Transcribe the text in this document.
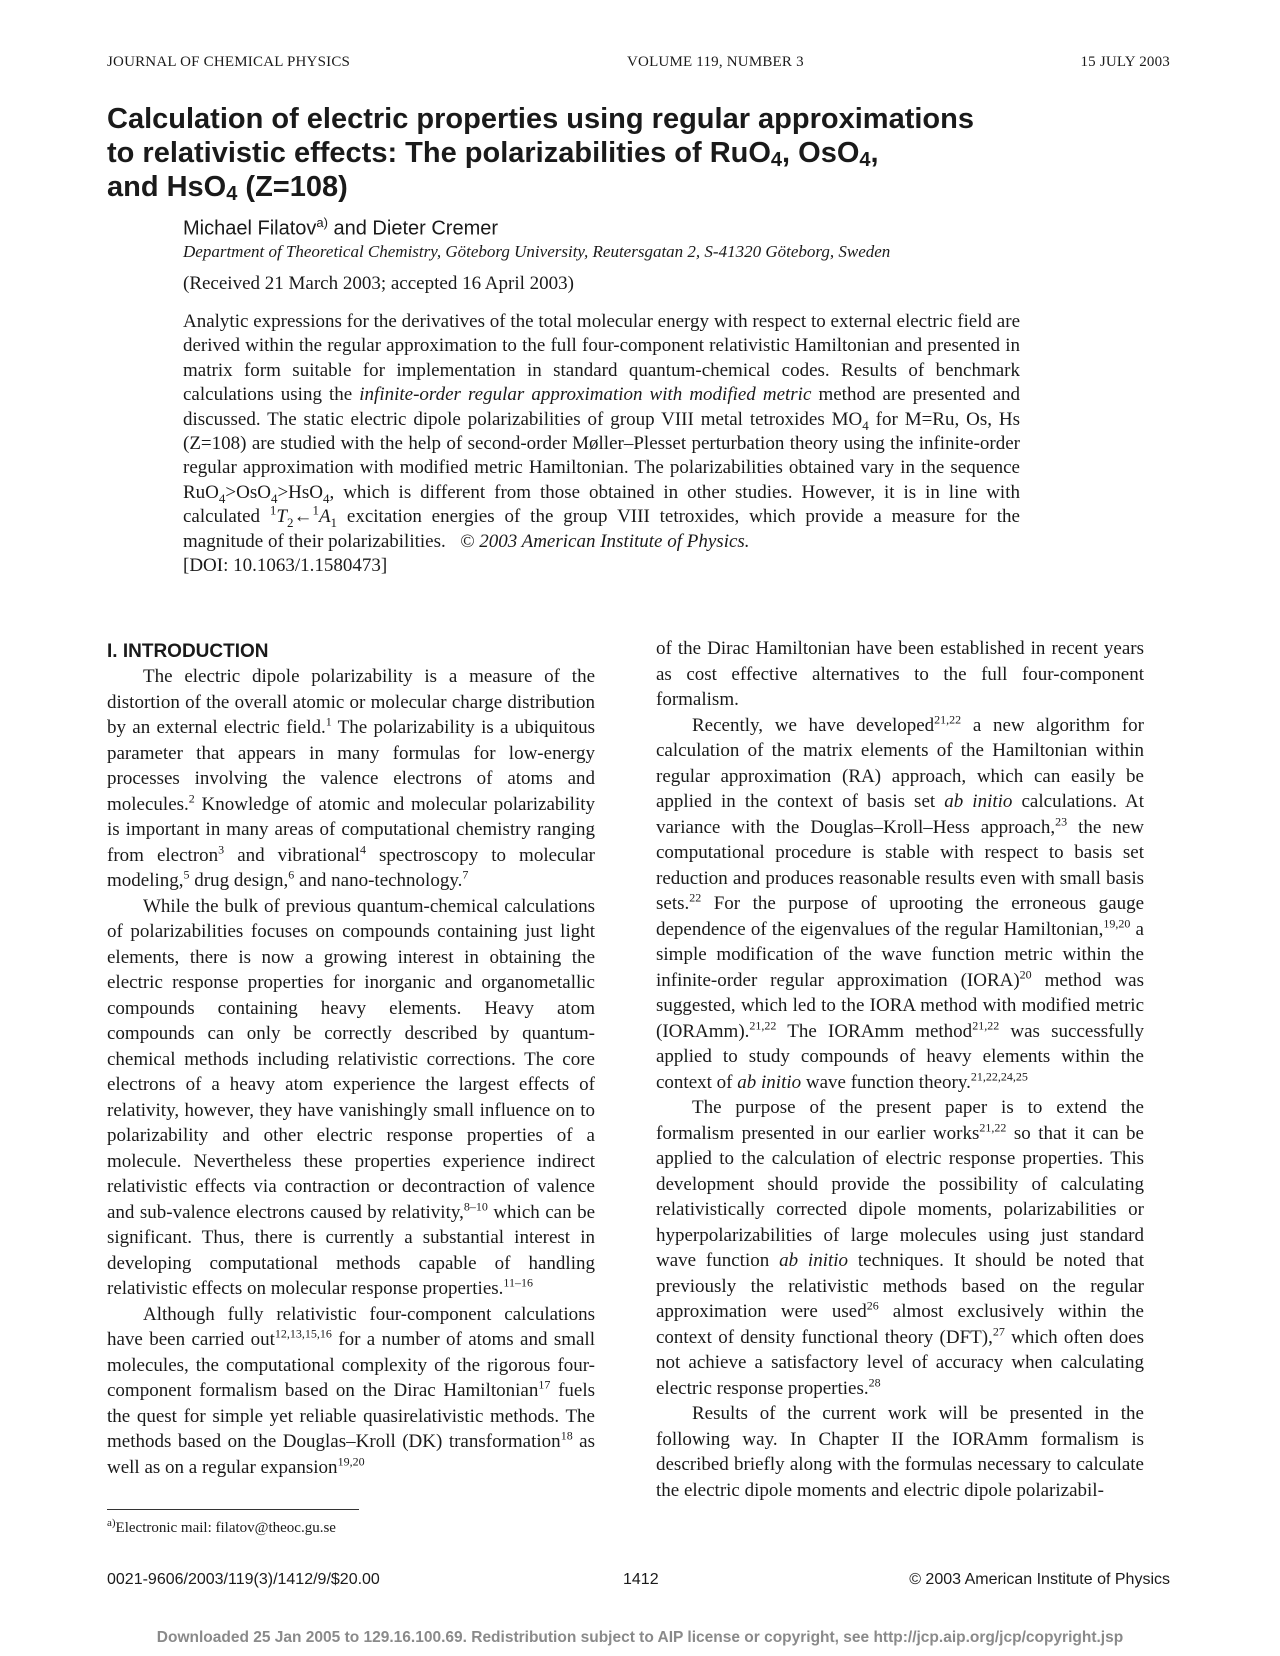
JOURNAL OF CHEMICAL PHYSICS	VOLUME 119, NUMBER 3	15 JULY 2003
Calculation of electric properties using regular approximations
to relativistic effects: The polarizabilities of RuO$_4$, OsO$_4$,
and HsO$_4$ (Z=108)
Michael Filatov$^{a)}$ and Dieter Cremer
Department of Theoretical Chemistry, Göteborg University, Reutersgatan 2, S-41320 Göteborg, Sweden
(Received 21 March 2003; accepted 16 April 2003)

Analytic expressions for the derivatives of the total molecular energy with respect to external electric field are derived within the regular approximation to the full four-component relativistic Hamiltonian and presented in matrix form suitable for implementation in standard quantum-chemical codes. Results of benchmark calculations using the infinite-order regular approximation with modified metric method are presented and discussed. The static electric dipole polarizabilities of group VIII metal tetroxides $MO_4$ for M=Ru, Os, Hs (Z=108) are studied with the help of second-order Møller–Plesset perturbation theory using the infinite-order regular approximation with modified metric Hamiltonian. The polarizabilities obtained vary in the sequence RuO$_4$>OsO$_4$>HsO$_4$, which is different from those obtained in other studies. However, it is in line with calculated $^1T_2\leftarrow^1A_1$ excitation energies of the group VIII tetroxides, which provide a measure for the magnitude of their polarizabilities. © 2003 American Institute of Physics.
[DOI: 10.1063/1.1580473]

I. INTRODUCTION

The electric dipole polarizability is a measure of the distortion of the overall atomic or molecular charge distribution by an external electric field.$^1$ The polarizability is a ubiquitous parameter that appears in many formulas for low-energy processes involving the valence electrons of atoms and molecules.$^2$ Knowledge of atomic and molecular polarizability is important in many areas of computational chemistry ranging from electron$^3$ and vibrational$^4$ spectroscopy to molecular modeling,$^5$ drug design,$^6$ and nano-technology.$^7$

While the bulk of previous quantum-chemical calculations of polarizabilities focuses on compounds containing just light elements, there is now a growing interest in obtaining the electric response properties for inorganic and organometallic compounds containing heavy elements. Heavy atom compounds can only be correctly described by quantum-chemical methods including relativistic corrections. The core electrons of a heavy atom experience the largest effects of relativity, however, they have vanishingly small influence on to polarizability and other electric response properties of a molecule. Nevertheless these properties experience indirect relativistic effects via contraction or decontraction of valence and sub-valence electrons caused by relativity,$^{8-10}$ which can be significant. Thus, there is currently a substantial interest in developing computational methods capable of handling relativistic effects on molecular response properties.$^{11-16}$

Although fully relativistic four-component calculations have been carried out$^{12,13,15,16}$ for a number of atoms and small molecules, the computational complexity of the rigorous four-component formalism based on the Dirac Hamiltonian$^{17}$ fuels the quest for simple yet reliable quasirelativistic methods. The methods based on the Douglas–Kroll (DK) transformation$^{18}$ as well as on a regular expansion$^{19,20}$

of the Dirac Hamiltonian have been established in recent years as cost effective alternatives to the full four-component formalism.

Recently, we have developed$^{21,22}$ a new algorithm for calculation of the matrix elements of the Hamiltonian within regular approximation (RA) approach, which can easily be applied in the context of basis set ab initio calculations. At variance with the Douglas–Kroll–Hess approach,$^{23}$ the new computational procedure is stable with respect to basis set reduction and produces reasonable results even with small basis sets.$^{22}$ For the purpose of uprooting the erroneous gauge dependence of the eigenvalues of the regular Hamiltonian,$^{19,20}$ a simple modification of the wave function metric within the infinite-order regular approximation (IORA)$^{20}$ method was suggested, which led to the IORA method with modified metric (IORAmm).$^{21,22}$ The IORAmm method$^{21,22}$ was successfully applied to study compounds of heavy elements within the context of ab initio wave function theory.$^{21,22,24,25}$

The purpose of the present paper is to extend the formalism presented in our earlier works$^{21,22}$ so that it can be applied to the calculation of electric response properties. This development should provide the possibility of calculating relativistically corrected dipole moments, polarizabilities or hyperpolarizabilities of large molecules using just standard wave function ab initio techniques. It should be noted that previously the relativistic methods based on the regular approximation were used$^{26}$ almost exclusively within the context of density functional theory (DFT),$^{27}$ which often does not achieve a satisfactory level of accuracy when calculating electric response properties.$^{28}$

Results of the current work will be presented in the following way. In Chapter II the IORAmm formalism is described briefly along with the formulas necessary to calculate the electric dipole moments and electric dipole polarizabil-

$^{a)}$Electronic mail: filatov@theoc.gu.se
0021-9606/2003/119(3)/1412/9/$20.00	1412	© 2003 American Institute of Physics
Downloaded 25 Jan 2005 to 129.16.100.69. Redistribution subject to AIP license or copyright, see http://jcp.aip.org/jcp/copyright.jsp
